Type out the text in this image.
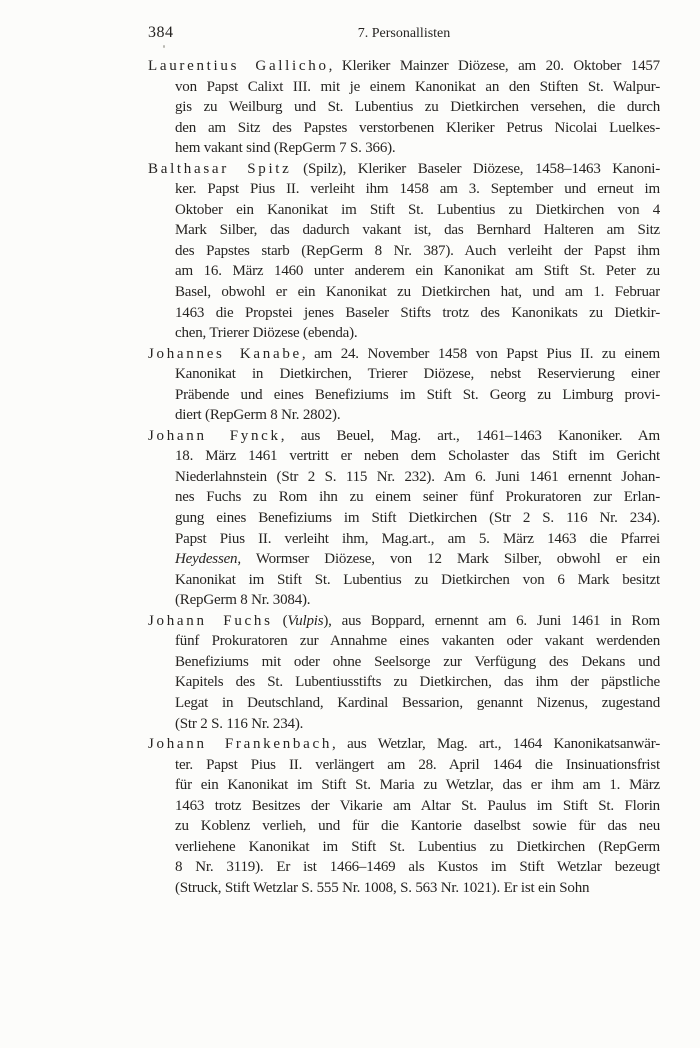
384	7. Personallisten
Laurentius Gallicho, Kleriker Mainzer Diözese, am 20. Oktober 1457
von Papst Calixt III. mit je einem Kanonikat an den Stiften St. Walpur-
gis zu Weilburg und St. Lubentius zu Dietkirchen versehen, die durch
den am Sitz des Papstes verstorbenen Kleriker Petrus Nicolai Luelkes-
hem vakant sind (RepGerm 7 S. 366).
Balthasar Spitz (Spilz), Kleriker Baseler Diözese, 1458–1463 Kanoni-
ker. Papst Pius II. verleiht ihm 1458 am 3. September und erneut im
Oktober ein Kanonikat im Stift St. Lubentius zu Dietkirchen von 4
Mark Silber, das dadurch vakant ist, das Bernhard Halteren am Sitz
des Papstes starb (RepGerm 8 Nr. 387). Auch verleiht der Papst ihm
am 16. März 1460 unter anderem ein Kanonikat am Stift St. Peter zu
Basel, obwohl er ein Kanonikat zu Dietkirchen hat, und am 1. Februar
1463 die Propstei jenes Baseler Stifts trotz des Kanonikats zu Dietkir-
chen, Trierer Diözese (ebenda).
Johannes Kanabe, am 24. November 1458 von Papst Pius II. zu einem
Kanonikat in Dietkirchen, Trierer Diözese, nebst Reservierung einer
Präbende und eines Benefiziums im Stift St. Georg zu Limburg provi-
diert (RepGerm 8 Nr. 2802).
Johann Fynck, aus Beuel, Mag. art., 1461–1463 Kanoniker. Am
18. März 1461 vertritt er neben dem Scholaster das Stift im Gericht
Niederlahnstein (Str 2 S. 115 Nr. 232). Am 6. Juni 1461 ernennt Johan-
nes Fuchs zu Rom ihn zu einem seiner fünf Prokuratoren zur Erlan-
gung eines Benefiziums im Stift Dietkirchen (Str 2 S. 116 Nr. 234).
Papst Pius II. verleiht ihm, Mag.art., am 5. März 1463 die Pfarrei
Heydessen, Wormser Diözese, von 12 Mark Silber, obwohl er ein
Kanonikat im Stift St. Lubentius zu Dietkirchen von 6 Mark besitzt
(RepGerm 8 Nr. 3084).
Johann Fuchs (Vulpis), aus Boppard, ernennt am 6. Juni 1461 in Rom
fünf Prokuratoren zur Annahme eines vakanten oder vakant werdenden
Benefiziums mit oder ohne Seelsorge zur Verfügung des Dekans und
Kapitels des St. Lubentiusstifts zu Dietkirchen, das ihm der päpstliche
Legat in Deutschland, Kardinal Bessarion, genannt Nizenus, zugestand
(Str 2 S. 116 Nr. 234).
Johann Frankenbach, aus Wetzlar, Mag. art., 1464 Kanonikatsanwär-
ter. Papst Pius II. verlängert am 28. April 1464 die Insinuationsfrist
für ein Kanonikat im Stift St. Maria zu Wetzlar, das er ihm am 1. März
1463 trotz Besitzes der Vikarie am Altar St. Paulus im Stift St. Florin
zu Koblenz verlieh, und für die Kantorie daselbst sowie für das neu
verliehene Kanonikat im Stift St. Lubentius zu Dietkirchen (RepGerm
8 Nr. 3119). Er ist 1466–1469 als Kustos im Stift Wetzlar bezeugt
(Struck, Stift Wetzlar S. 555 Nr. 1008, S. 563 Nr. 1021). Er ist ein Sohn
